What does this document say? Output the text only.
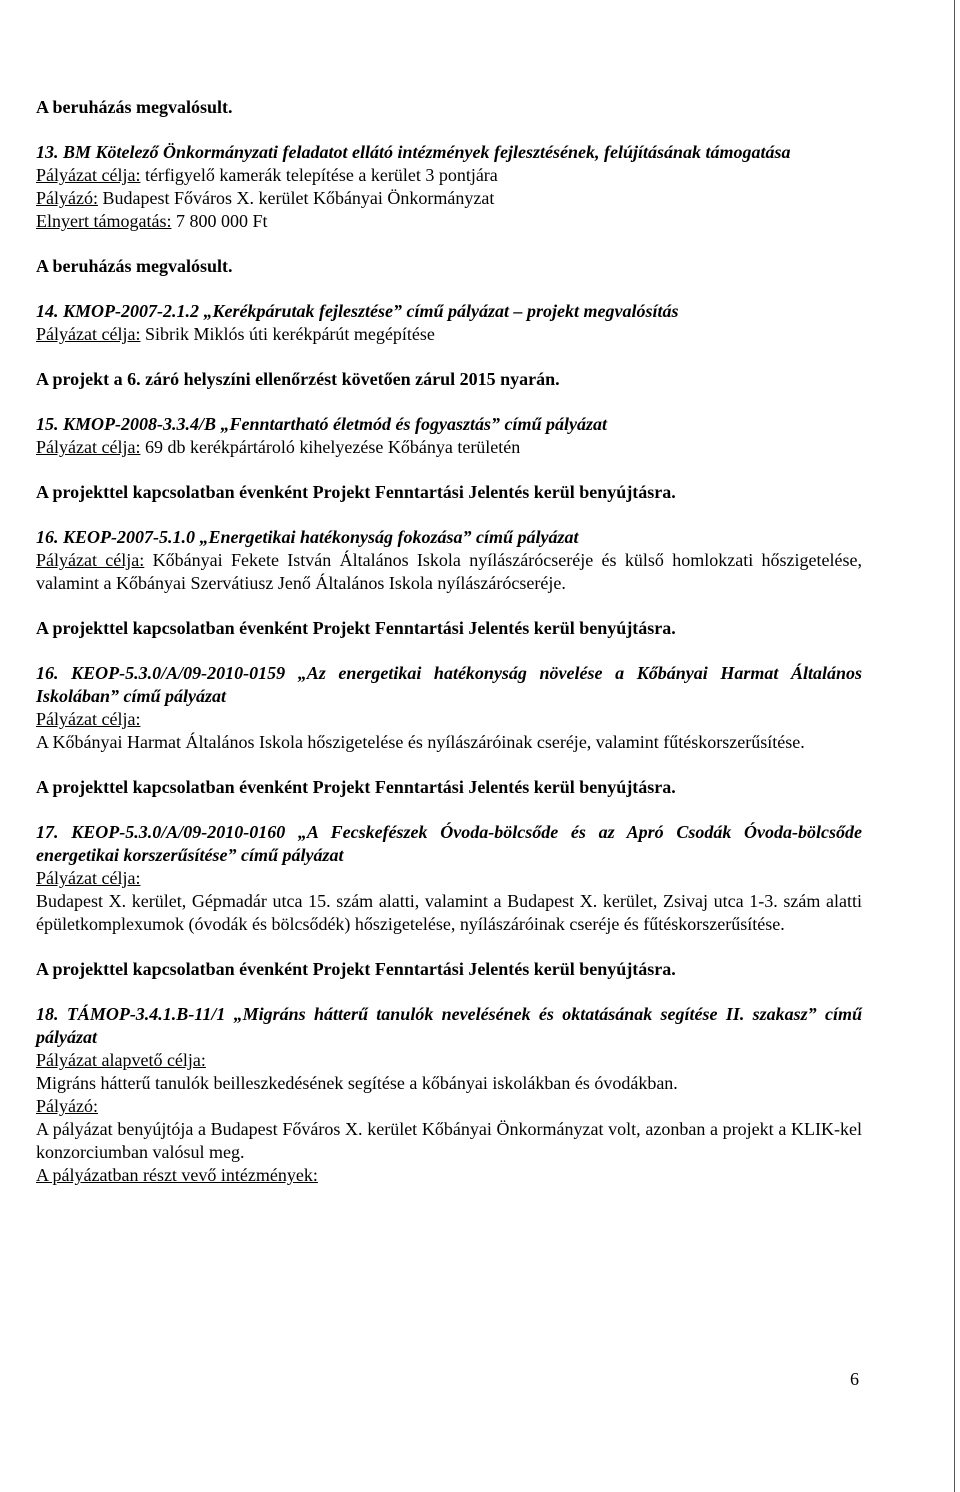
A beruházás megvalósult.
13. BM Kötelező Önkormányzati feladatot ellátó intézmények fejlesztésének, felújításának támogatása
Pályázat célja: térfigyelő kamerák telepítése a kerület 3 pontjára
Pályázó: Budapest Főváros X. kerület Kőbányai Önkormányzat
Elnyert támogatás: 7 800 000 Ft
A beruházás megvalósult.
14. KMOP-2007-2.1.2 „Kerékpárutak fejlesztése” című pályázat – projekt megvalósítás
Pályázat célja: Sibrik Miklós úti kerékpárút megépítése
A projekt a 6. záró helyszíni ellenőrzést követően zárul 2015 nyarán.
15. KMOP-2008-3.3.4/B „Fenntartható életmód és fogyasztás” című pályázat
Pályázat célja: 69 db kerékpártároló kihelyezése Kőbánya területén
A projekttel kapcsolatban évenként Projekt Fenntartási Jelentés kerül benyújtásra.
16. KEOP-2007-5.1.0 „Energetikai hatékonyság fokozása” című pályázat
Pályázat célja: Kőbányai Fekete István Általános Iskola nyílászárócseréje és külső homlokzati hőszigetelése, valamint a Kőbányai Szervátiusz Jenő Általános Iskola nyílászárócseréje.
A projekttel kapcsolatban évenként Projekt Fenntartási Jelentés kerül benyújtásra.
16. KEOP-5.3.0/A/09-2010-0159 „Az energetikai hatékonyság növelése a Kőbányai Harmat Általános Iskolában” című pályázat
Pályázat célja:
A Kőbányai Harmat Általános Iskola hőszigetelése és nyílászáróinak cseréje, valamint fűtéskorszerűsítése.
A projekttel kapcsolatban évenként Projekt Fenntartási Jelentés kerül benyújtásra.
17. KEOP-5.3.0/A/09-2010-0160 „A Fecskefészek Óvoda-bölcsőde és az Apró Csodák Óvoda-bölcsőde energetikai korszerűsítése” című pályázat
Pályázat célja:
Budapest X. kerület, Gépmadár utca 15. szám alatti, valamint a Budapest X. kerület, Zsivaj utca 1-3. szám alatti épületkomplexumok (óvodák és bölcsődék) hőszigetelése, nyílászáróinak cseréje és fűtéskorszerűsítése.
A projekttel kapcsolatban évenként Projekt Fenntartási Jelentés kerül benyújtásra.
18. TÁMOP-3.4.1.B-11/1 „Migráns hátterű tanulók nevelésének és oktatásának segítése II. szakasz” című pályázat
Pályázat alapvető célja:
Migráns hátterű tanulók beilleszkedésének segítése a kőbányai iskolákban és óvodákban.
Pályázó:
A pályázat benyújtója a Budapest Főváros X. kerület Kőbányai Önkormányzat volt, azonban a projekt a KLIK-kel konzorciumban valósul meg.
A pályázatban részt vevő intézmények:
6
